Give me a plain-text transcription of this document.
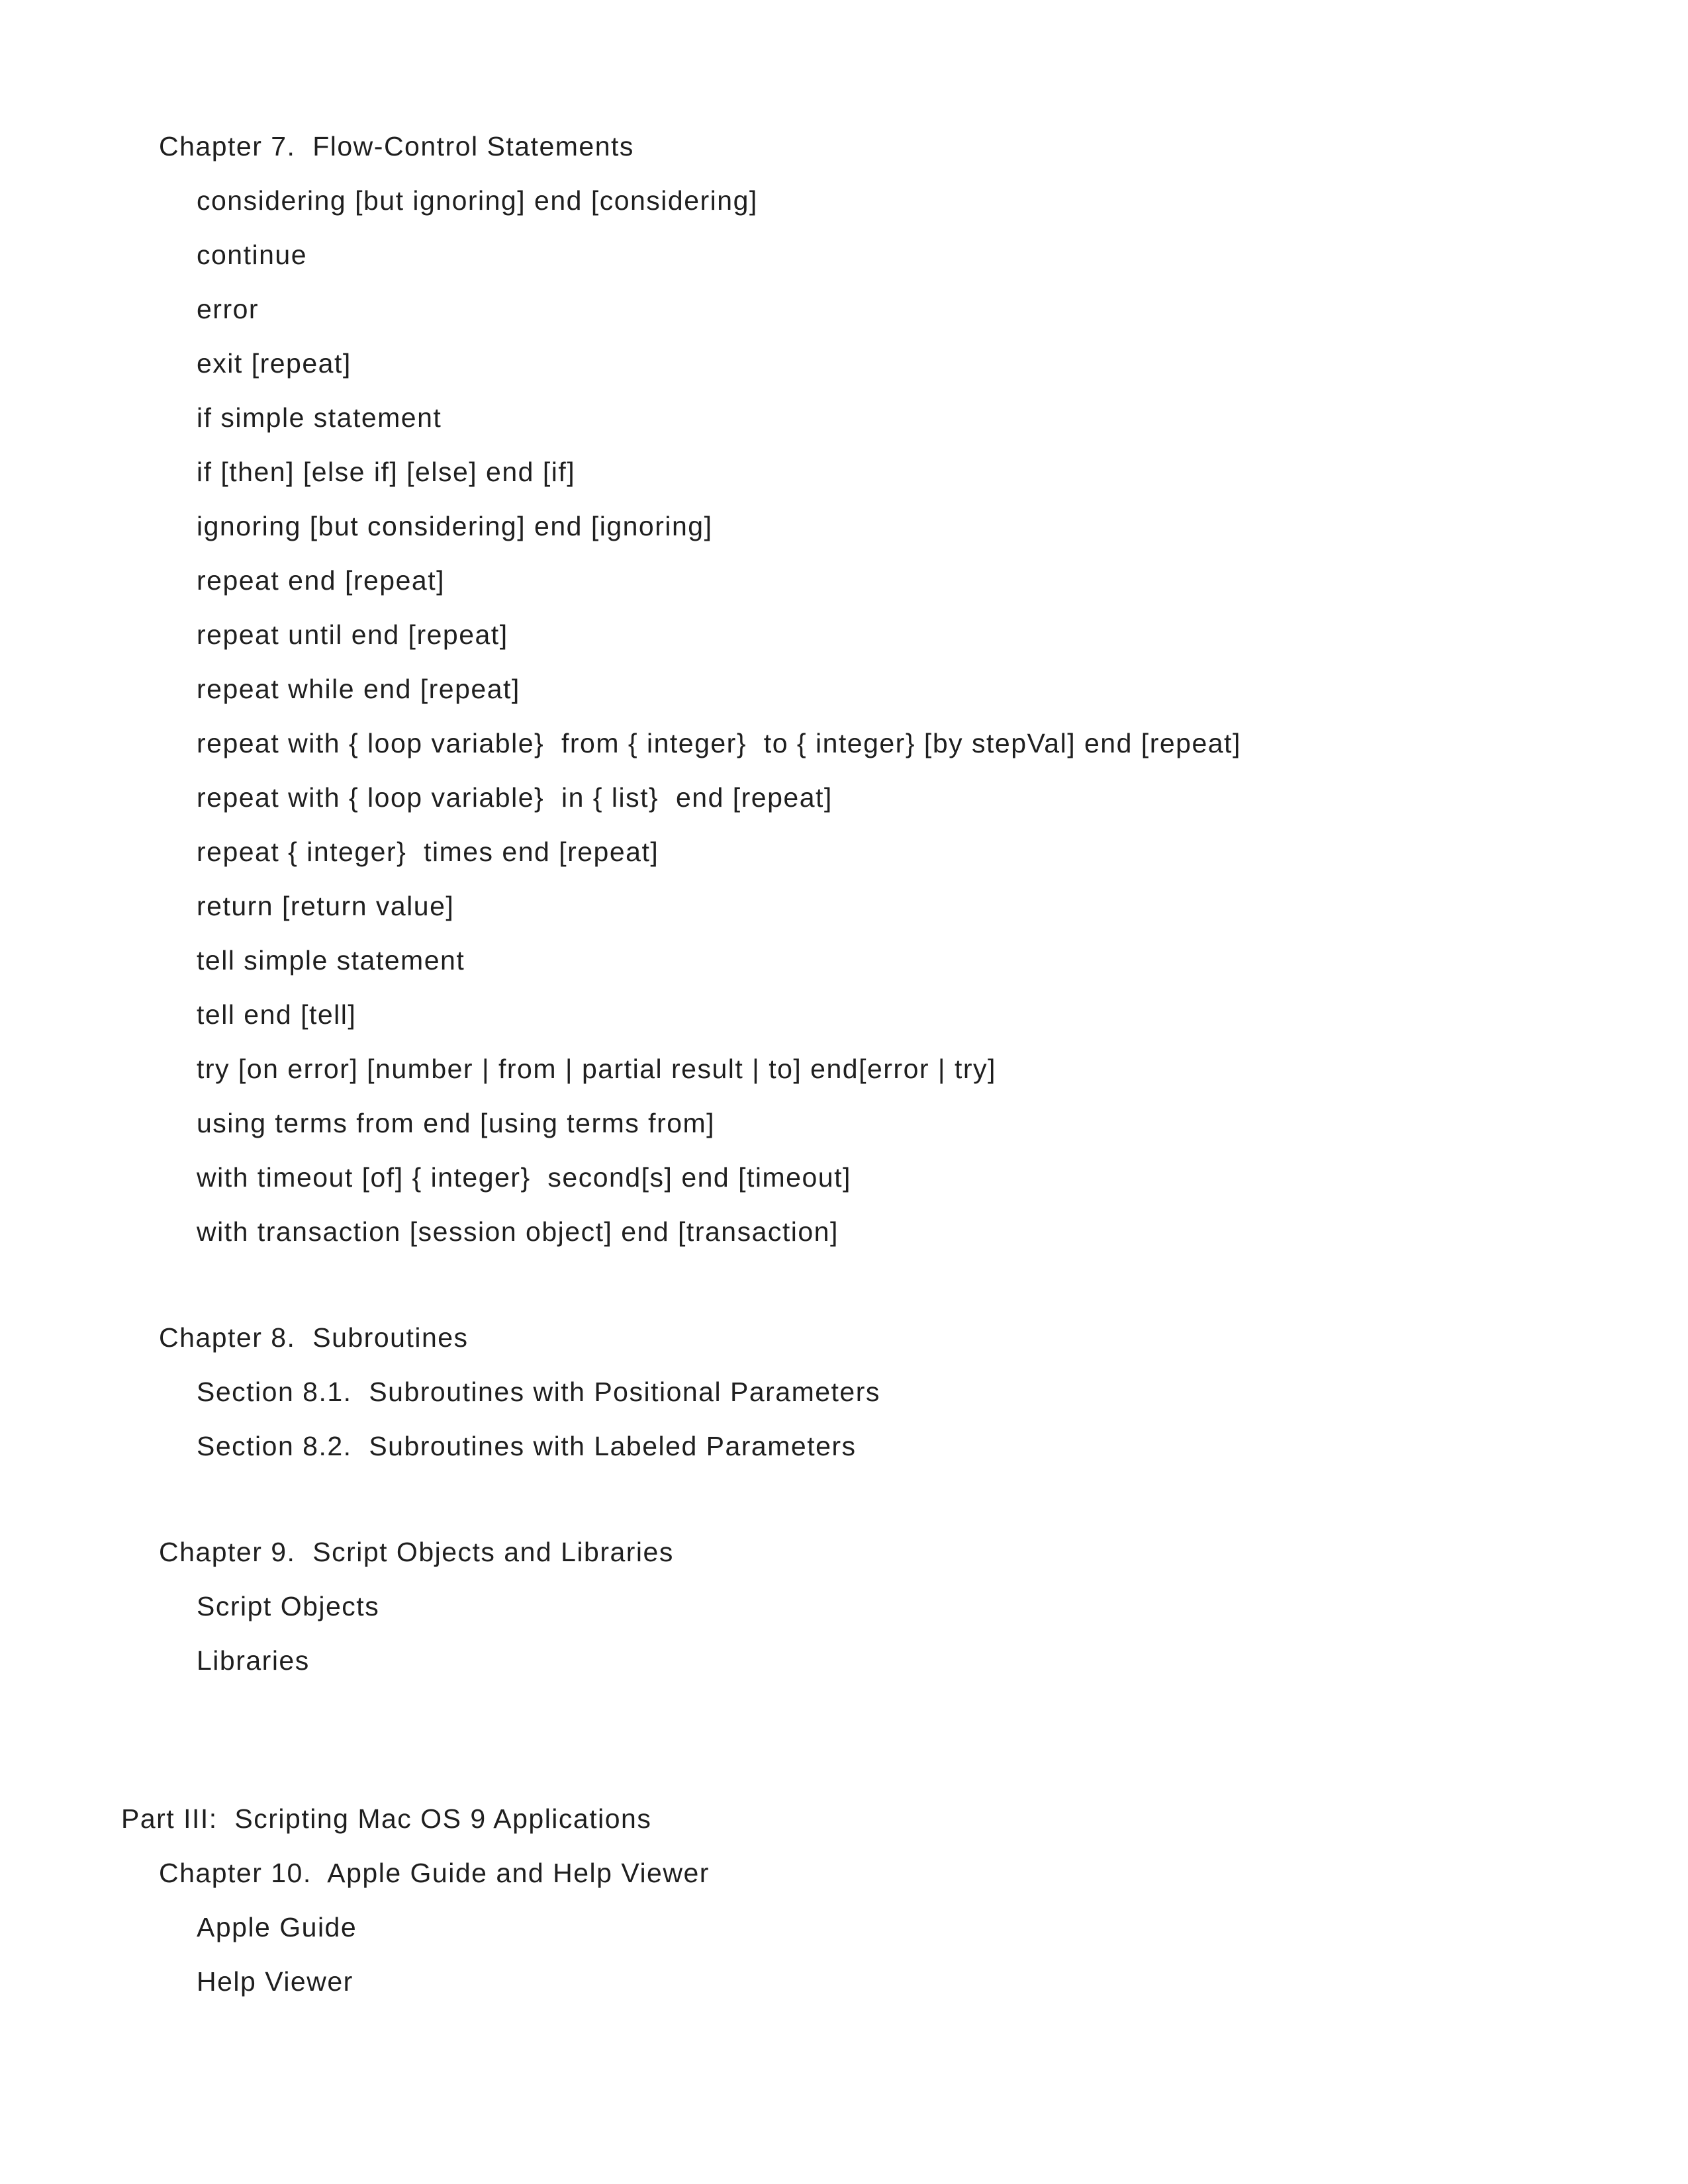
Chapter 7.  Flow-Control Statements
considering [but ignoring] end [considering]
continue
error
exit [repeat]
if simple statement
if [then] [else if] [else] end [if]
ignoring [but considering] end [ignoring]
repeat end [repeat]
repeat until end [repeat]
repeat while end [repeat]
repeat with { loop variable}  from { integer}  to { integer} [by stepVal] end [repeat]
repeat with { loop variable}  in { list}  end [repeat]
repeat { integer}  times end [repeat]
return [return value]
tell simple statement
tell end [tell]
try [on error] [number | from | partial result | to] end[error | try]
using terms from end [using terms from]
with timeout [of] { integer}  second[s] end [timeout]
with transaction [session object] end [transaction]
Chapter 8.  Subroutines
Section 8.1.  Subroutines with Positional Parameters
Section 8.2.  Subroutines with Labeled Parameters
Chapter 9.  Script Objects and Libraries
Script Objects
Libraries
Part III:  Scripting Mac OS 9 Applications
Chapter 10.  Apple Guide and Help Viewer
Apple Guide
Help Viewer
